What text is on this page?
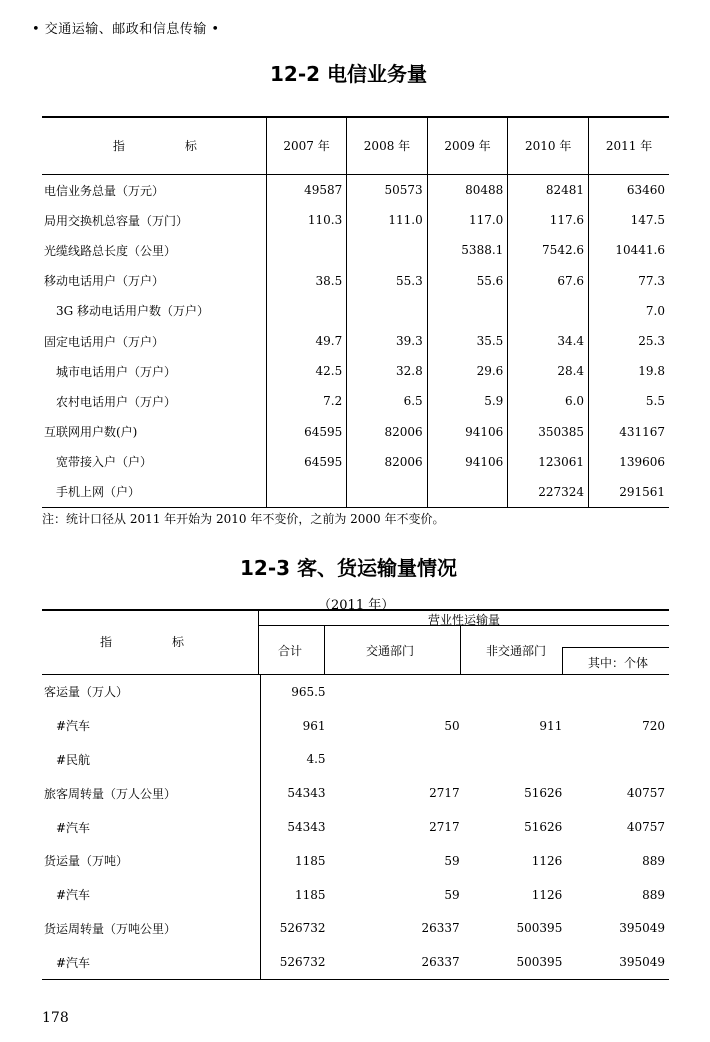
• 交通运输、邮政和信息传输 •
12-2 电信业务量
指　　　　　标	2007 年	2008 年	2009 年	2010 年	2011 年
电信业务总量（万元）	49587	50573	80488	82481	63460
局用交换机总容量（万门）	110.3	111.0	117.0	117.6	147.5
光缆线路总长度（公里）			5388.1	7542.6	10441.6
移动电话用户（万户）	38.5	55.3	55.6	67.6	77.3
3G 移动电话用户数（万户）					7.0
固定电话用户（万户）	49.7	39.3	35.5	34.4	25.3
城市电话用户（万户）	42.5	32.8	29.6	28.4	19.8
农村电话用户（万户）	7.2	6.5	5.9	6.0	5.5
互联网用户数(户)	64595	82006	94106	350385	431167
宽带接入户（户）	64595	82006	94106	123061	139606
手机上网（户）				227324	291561
注：统计口径从 2011 年开始为 2010 年不变价，之前为 2000 年不变价。
12-3 客、货运输量情况
（2011 年）
指　　　　　标
营业性运输量
合计	交通部门	非交通部门
其中：个体
客运量（万人）	965.5			
#汽车	961	50	911	720
#民航	4.5			
旅客周转量（万人公里）	54343	2717	51626	40757
#汽车	54343	2717	51626	40757
货运量（万吨）	1185	59	1126	889
#汽车	1185	59	1126	889
货运周转量（万吨公里）	526732	26337	500395	395049
#汽车	526732	26337	500395	395049
178
